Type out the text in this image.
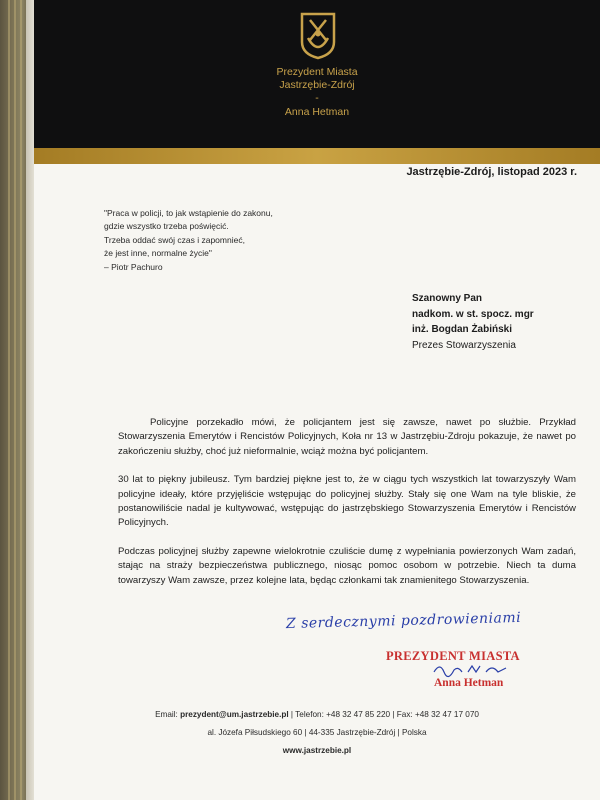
Prezydent Miasta
Jastrzębie-Zdrój
-
Anna Hetman
Jastrzębie-Zdrój, listopad 2023 r.
"Praca w policji, to jak wstąpienie do zakonu,
gdzie wszystko trzeba poświęcić.
Trzeba oddać swój czas i zapomnieć,
że jest inne, normalne życie"
– Piotr Pachuro
Szanowny Pan
nadkom. w st. spocz. mgr
inż. Bogdan Żabiński
Prezes Stowarzyszenia

Policyjne porzekadło mówi, że policjantem jest się zawsze, nawet po służbie. Przykład Stowarzyszenia Emerytów i Rencistów Policyjnych, Koła nr 13 w Jastrzębiu-Zdroju pokazuje, że nawet po zakończeniu służby, choć już nieformalnie, wciąż można być policjantem.

30 lat to piękny jubileusz. Tym bardziej piękne jest to, że w ciągu tych wszystkich lat towarzyszyły Wam policyjne ideały, które przyjęliście wstępując do policyjnej służby. Stały się one Wam na tyle bliskie, że postanowiliście nadal je kultywować, wstępując do jastrzębskiego Stowarzyszenia Emerytów i Rencistów Policyjnych.

Podczas policyjnej służby zapewne wielokrotnie czuliście dumę z wypełniania powierzonych Wam zadań, stając na straży bezpieczeństwa publicznego, niosąc pomoc osobom w potrzebie. Niech ta duma towarzyszy Wam zawsze, przez kolejne lata, będąc członkami tak znamienitego Stowarzyszenia.

Z serdecznymi pozdrowieniami
PREZYDENT MIASTA
Anna Hetman
Email: prezydent@um.jastrzebie.pl | Telefon: +48 32 47 85 220 | Fax: +48 32 47 17 070
al. Józefa Piłsudskiego 60 | 44-335 Jastrzębie-Zdrój | Polska
www.jastrzebie.pl
